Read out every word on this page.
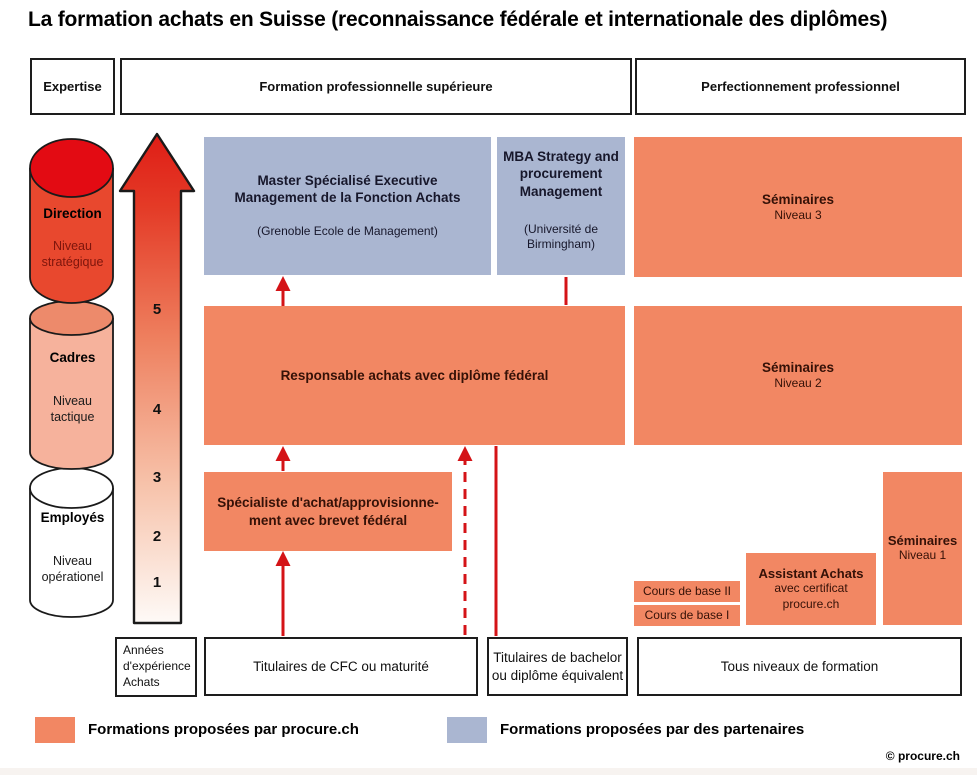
La formation achats en Suisse (reconnaissance fédérale et internationale des diplômes)
Expertise	Formation professionnelle supérieure	Perfectionnement professionnel
Direction
Niveau
stratégique
Cadres
Niveau
tactique
Employés
Niveau
opérationel
5
4
3
2
1
Master Spécialisé Executive
Management de la Fonction Achats
(Grenoble Ecole de Management)
MBA Strategy and procurement Management
(Université de
Birmingham)
Séminaires
Niveau 3
Responsable achats avec diplôme fédéral
Séminaires
Niveau 2
Spécialiste d'achat/approvisionne-
ment avec brevet fédéral
Séminaires
Niveau 1
Cours de base II
Cours de base I
Assistant Achats
avec certificat
procure.ch
Années
d'expérience
Achats
Titulaires de CFC ou maturité
Titulaires de bachelor
ou diplôme équivalent
Tous niveaux de formation
Formations proposées par procure.ch	Formations proposées par des partenaires
© procure.ch
